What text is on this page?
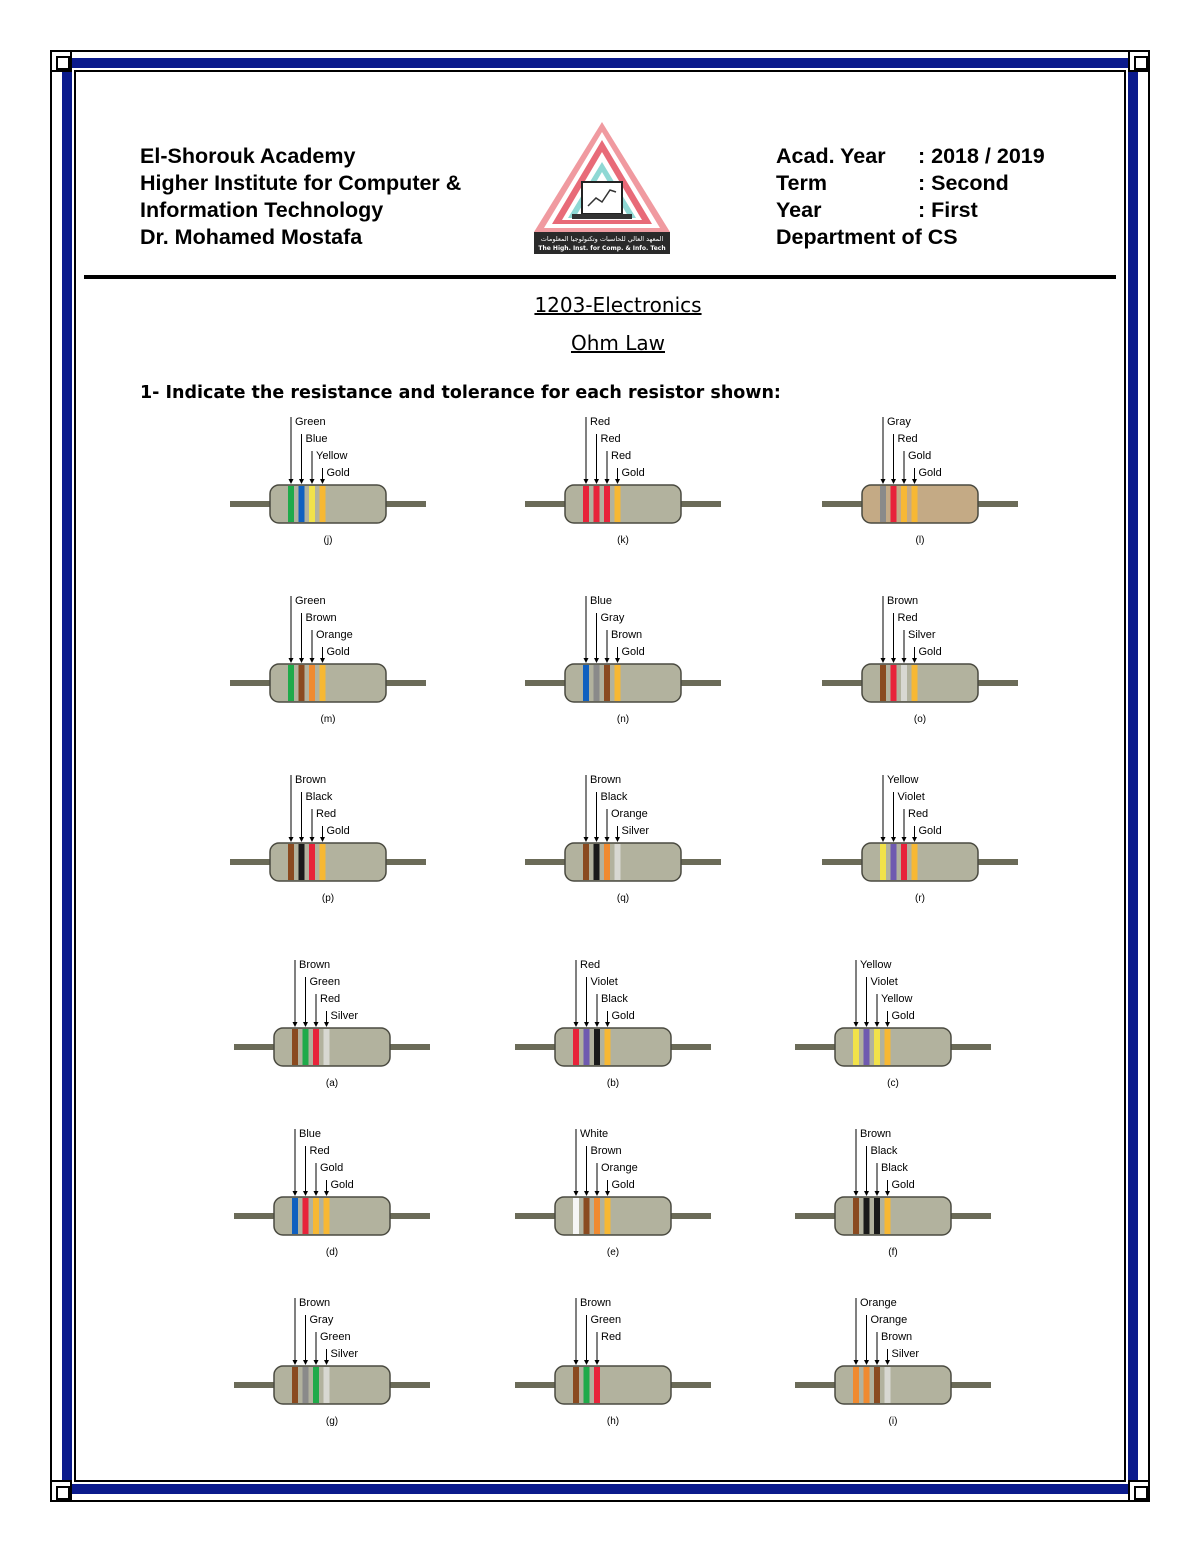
El-Shorouk Academy
Higher Institute for Computer &
Information Technology
Dr. Mohamed Mostafa	المعهد العالي للحاسبات وتكنولوجيا المعلومات
The High. Inst. for Comp. & Info. Tech
Acad. Year	: 2018 / 2019
Term	: Second
Year	: First
Department of CS
1203-Electronics
Ohm Law
1- Indicate the resistance and tolerance for each resistor shown:
Green
Blue
Yellow
Gold
(j)
Red
Red
Red
Gold
(k)
Gray
Red
Gold
Gold
(l)
Green
Brown
Orange
Gold
(m)
Blue
Gray
Brown
Gold
(n)
Brown
Red
Silver
Gold
(o)
Brown
Black
Red
Gold
(p)
Brown
Black
Orange
Silver
(q)
Yellow
Violet
Red
Gold
(r)
Brown
Green
Red
Silver
(a)
Red
Violet
Black
Gold
(b)
Yellow
Violet
Yellow
Gold
(c)
Blue
Red
Gold
Gold
(d)
White
Brown
Orange
Gold
(e)
Brown
Black
Black
Gold
(f)
Brown
Gray
Green
Silver
(g)
Brown
Green
Red
(h)
Orange
Orange
Brown
Silver
(i)
